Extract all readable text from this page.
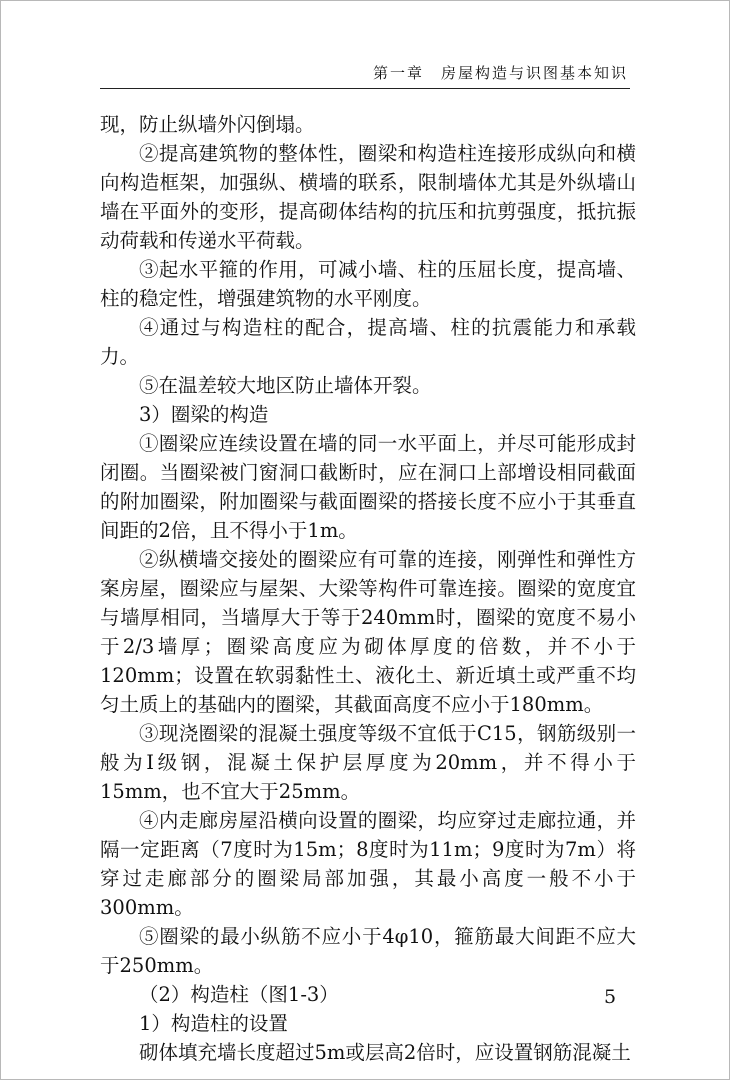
第一章　房屋构造与识图基本知识

现，防止纵墙外闪倒塌。

②提高建筑物的整体性，圈梁和构造柱连接形成纵向和横向构造框架，加强纵、横墙的联系，限制墙体尤其是外纵墙山墙在平面外的变形，提高砌体结构的抗压和抗剪强度，抵抗振动荷载和传递水平荷载。

③起水平箍的作用，可减小墙、柱的压屈长度，提高墙、柱的稳定性，增强建筑物的水平刚度。

④通过与构造柱的配合，提高墙、柱的抗震能力和承载力。

⑤在温差较大地区防止墙体开裂。

3）圈梁的构造

①圈梁应连续设置在墙的同一水平面上，并尽可能形成封闭圈。当圈梁被门窗洞口截断时，应在洞口上部增设相同截面的附加圈梁，附加圈梁与截面圈梁的搭接长度不应小于其垂直间距的2倍，且不得小于1m。

②纵横墙交接处的圈梁应有可靠的连接，刚弹性和弹性方案房屋，圈梁应与屋架、大梁等构件可靠连接。圈梁的宽度宜与墙厚相同，当墙厚大于等于240mm时，圈梁的宽度不易小于2/3墙厚；圈梁高度应为砌体厚度的倍数，并不小于120mm；设置在软弱黏性土、液化土、新近填土或严重不均匀土质上的基础内的圈梁，其截面高度不应小于180mm。

③现浇圈梁的混凝土强度等级不宜低于C15，钢筋级别一般为Ⅰ级钢，混凝土保护层厚度为20mm，并不得小于15mm，也不宜大于25mm。

④内走廊房屋沿横向设置的圈梁，均应穿过走廊拉通，并隔一定距离（7度时为15m；8度时为11m；9度时为7m）将穿过走廊部分的圈梁局部加强，其最小高度一般不小于300mm。

⑤圈梁的最小纵筋不应小于4φ10，箍筋最大间距不应大于250mm。

（2）构造柱（图1-3）

1）构造柱的设置

砌体填充墙长度超过5m或层高2倍时，应设置钢筋混凝土

5
